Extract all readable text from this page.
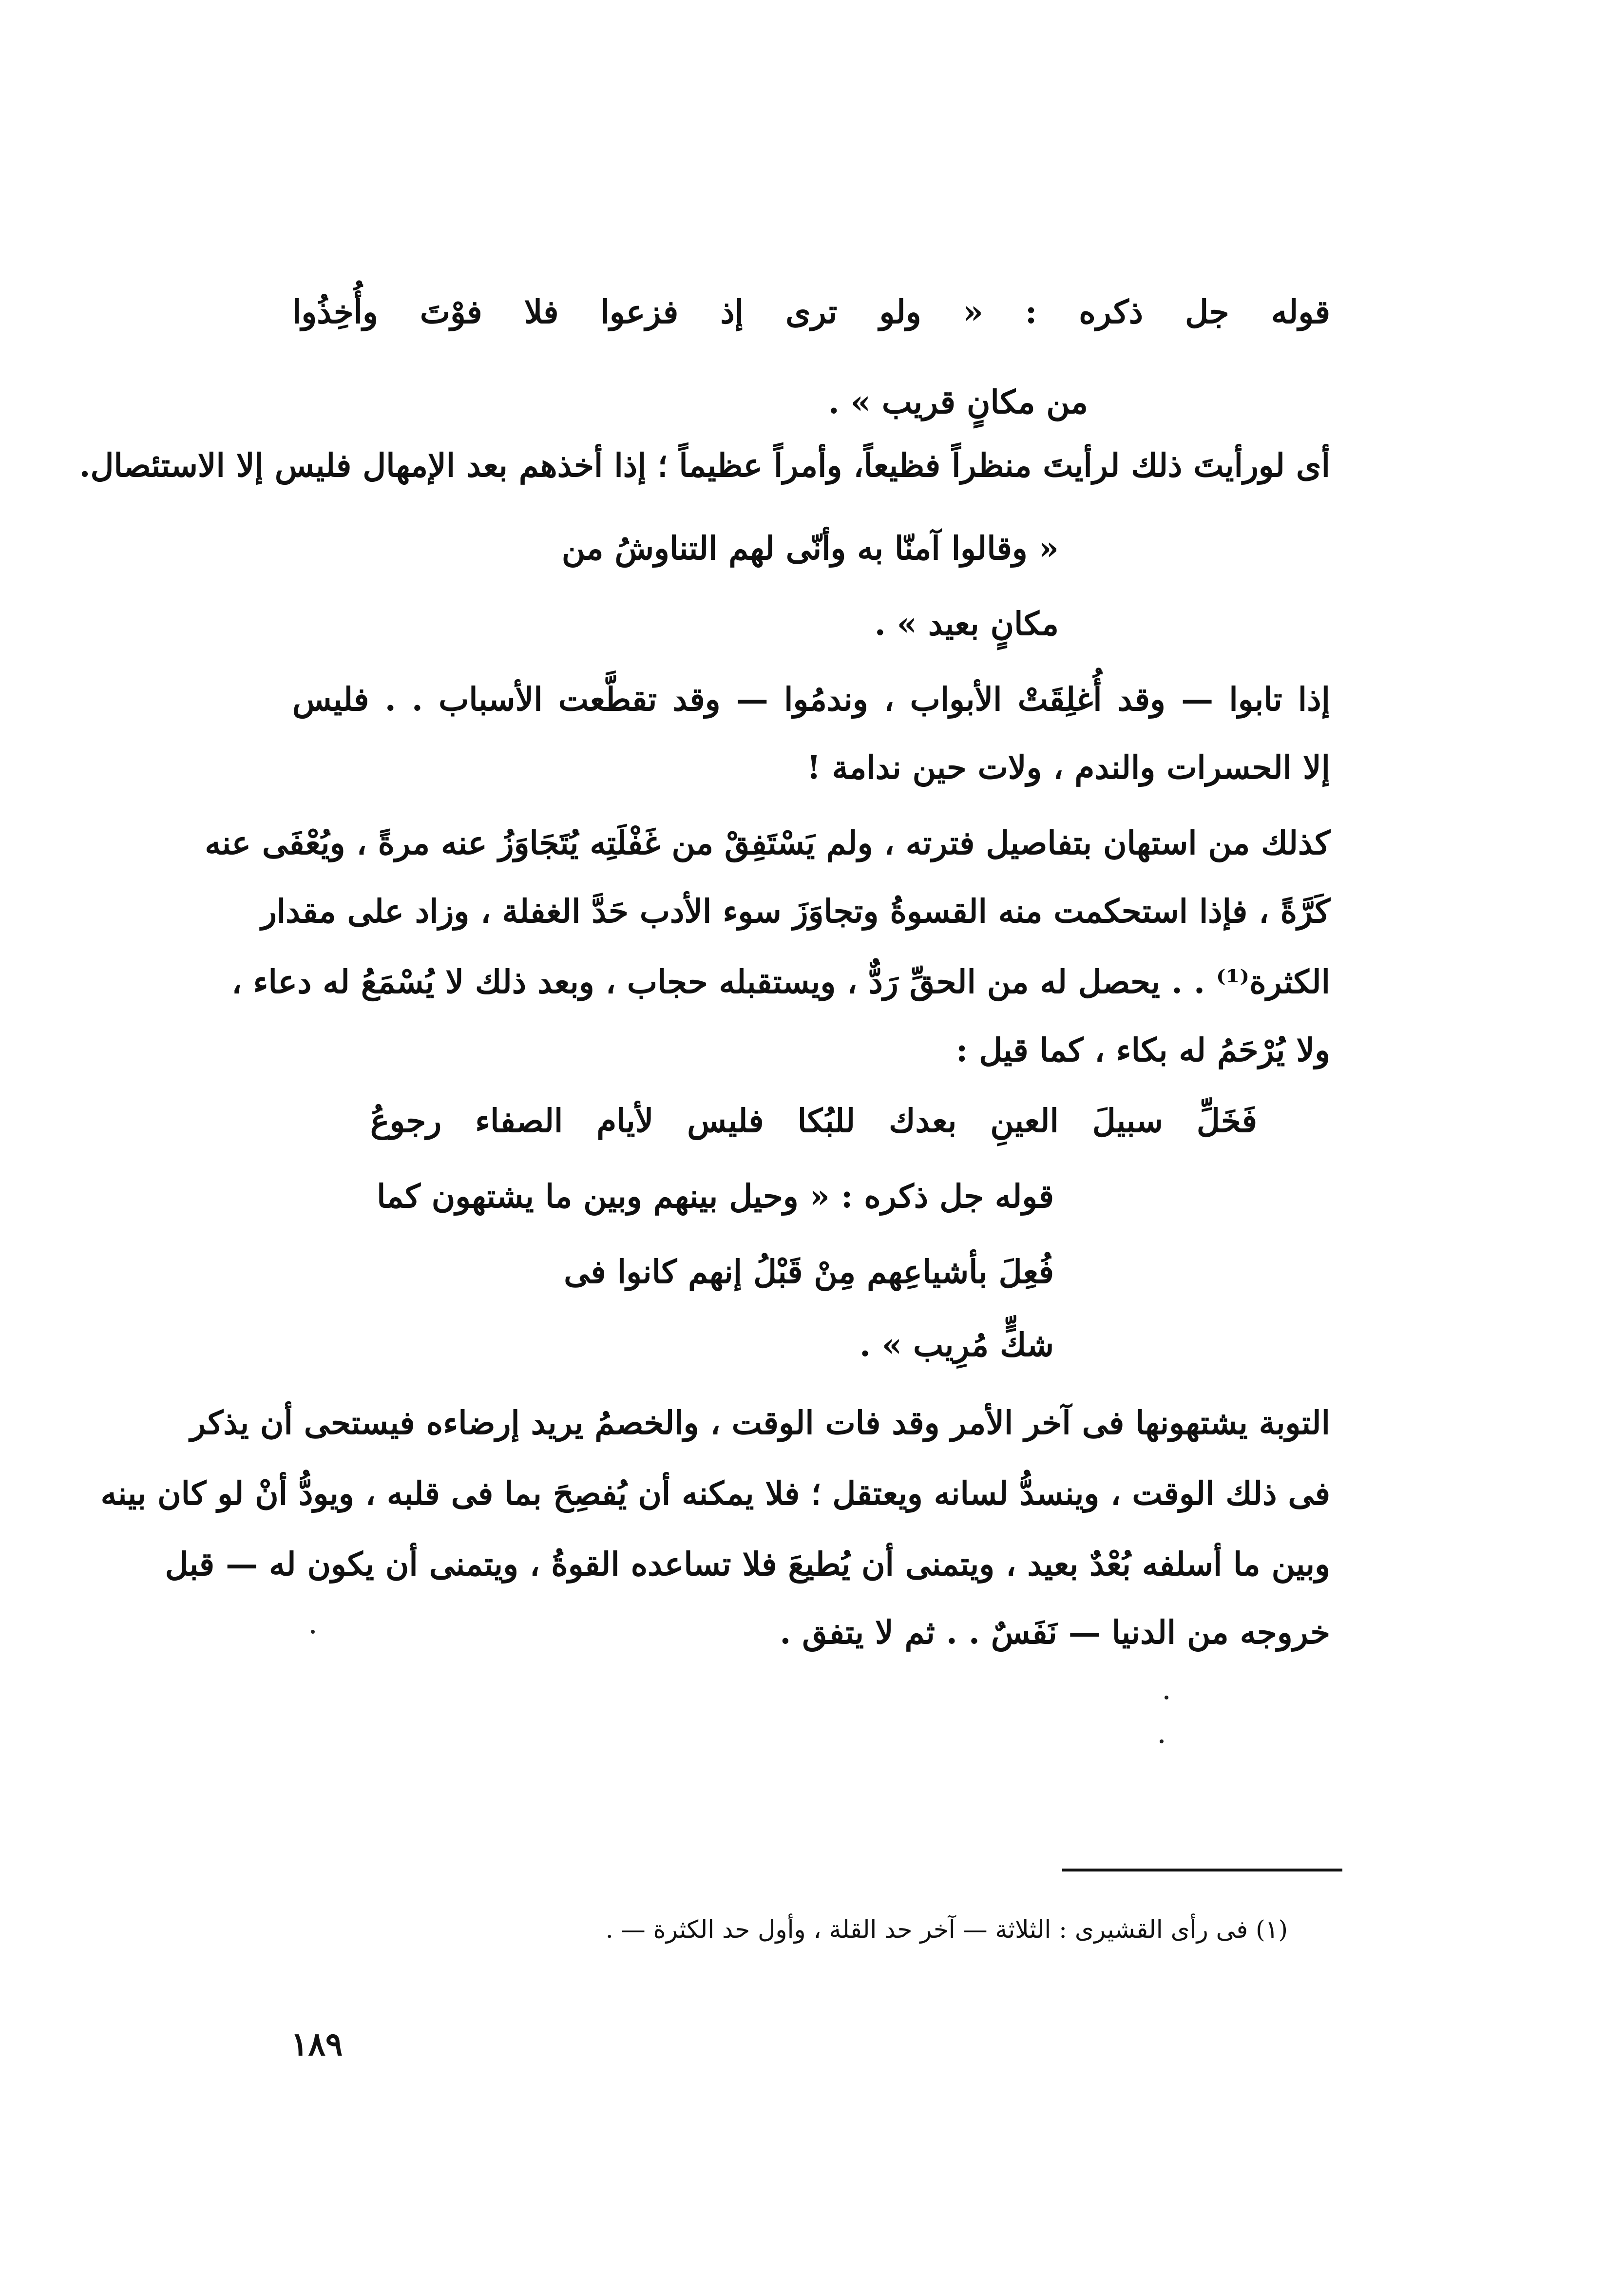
قوله جل ذكره : « ولو ترى إذ فزعوا فلا فوْتَ وأُخِذُوا
من مكانٍ قريب » .
أى لورأيتَ ذلك لرأيتَ منظراً فظيعاً، وأمراً عظيماً ؛ إذا أخذهم بعد الإمهال فليس إلا الاستئصال.
« وقالوا آمنّا به وأنّى لهم التناوشُ من
مكانٍ بعيد » .
إذا تابوا — وقد أُغلِقَتْ الأبواب ، وندمُوا — وقد تقطَّعت الأسباب . . فليس
إلا الحسرات والندم ، ولات حين ندامة !
كذلك من استهان بتفاصيل فترته ، ولم يَسْتَفِقْ من غَفْلَتِه يُتَجَاوَزُ عنه مرةً ، ويُعْفَى عنه
كَرَّةً ، فإذا استحكمت منه القسوةُ وتجاوَزَ سوء الأدب حَدَّ الغفلة ، وزاد على مقدار
الكثرة⁽¹⁾ . . يحصل له من الحقِّ رَدٌّ ، ويستقبله حجاب ، وبعد ذلك لا يُسْمَعُ له دعاء ،
ولا يُرْحَمُ له بكاء ، كما قيل :
فَخَلِّ سبيلَ العينِ بعدك للبُكا فليس لأيام الصفاء رجوعُ
قوله جل ذكره : « وحيل بينهم وبين ما يشتهون كما
فُعِلَ بأشياعِهم مِنْ قَبْلُ إنهم كانوا فى
شكٍّ مُرِيب » .
التوبة يشتهونها فى آخر الأمر وقد فات الوقت ، والخصمُ يريد إرضاءه فيستحى أن يذكر
فى ذلك الوقت ، وينسدُّ لسانه ويعتقل ؛ فلا يمكنه أن يُفصِحَ بما فى قلبه ، ويودُّ أنْ لو كان بينه
وبين ما أسلفه بُعْدٌ بعيد ، ويتمنى أن يُطيعَ فلا تساعده القوةُ ، ويتمنى أن يكون له — قبل
خروجه من الدنيا — نَفَسٌ . . ثم لا يتفق .
(١) فى رأى القشيرى : الثلاثة — آخر حد القلة ، وأول حد الكثرة — .
١٨٩
